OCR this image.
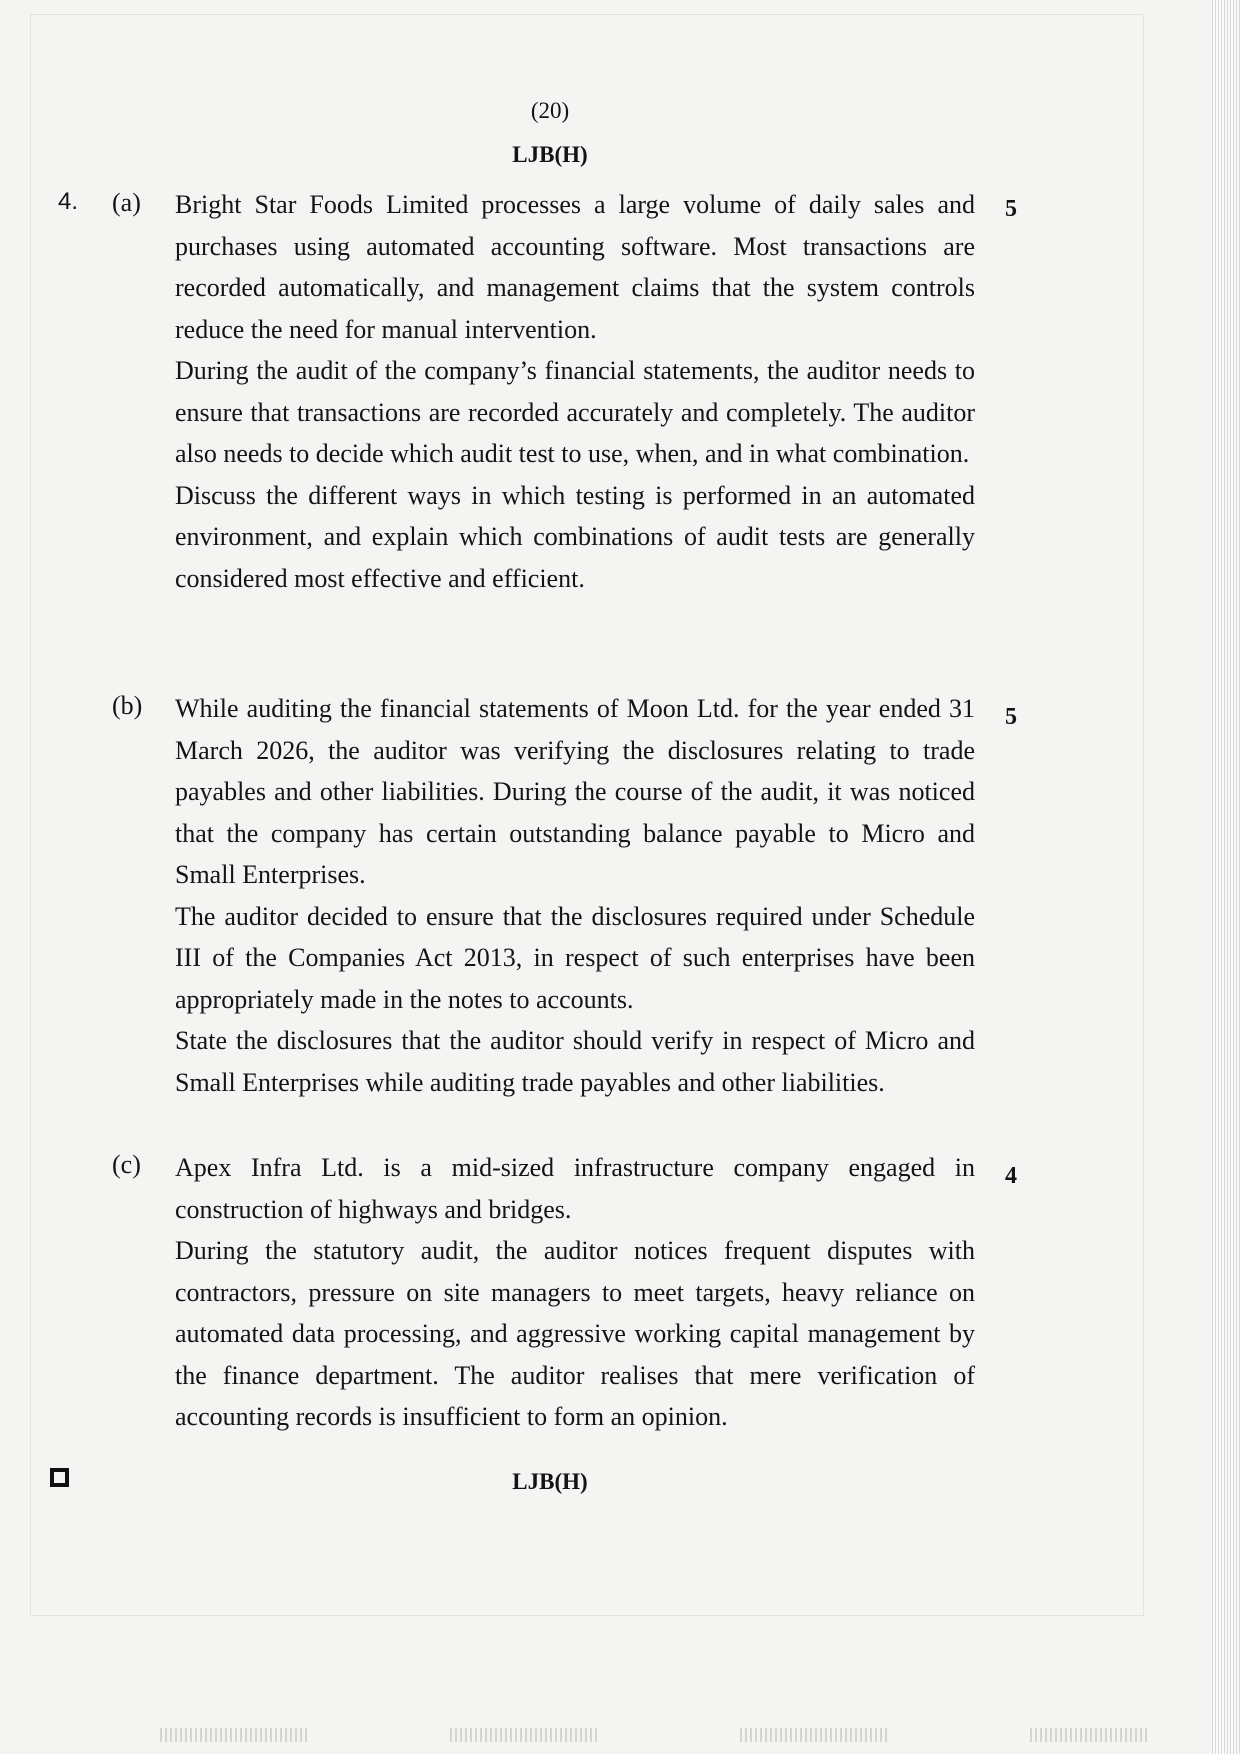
(20)
LJB(H)
4. (a) Bright Star Foods Limited processes a large volume of daily sales and purchases using automated accounting software. Most transactions are recorded automatically, and management claims that the system controls reduce the need for manual intervention.

During the audit of the company’s financial statements, the auditor needs to ensure that transactions are recorded accurately and completely. The auditor also needs to decide which audit test to use, when, and in what combination.

Discuss the different ways in which testing is performed in an automated environment, and explain which combinations of audit tests are generally considered most effective and efficient.

5
(b) While auditing the financial statements of Moon Ltd. for the year ended 31 March 2026, the auditor was verifying the disclosures relating to trade payables and other liabilities. During the course of the audit, it was noticed that the company has certain outstanding balance payable to Micro and Small Enterprises.

The auditor decided to ensure that the disclosures required under Schedule III of the Companies Act 2013, in respect of such enterprises have been appropriately made in the notes to accounts.

State the disclosures that the auditor should verify in respect of Micro and Small Enterprises while auditing trade payables and other liabilities.

5
(c) Apex Infra Ltd. is a mid-sized infrastructure company engaged in construction of highways and bridges.

During the statutory audit, the auditor notices frequent disputes with contractors, pressure on site managers to meet targets, heavy reliance on automated data processing, and aggressive working capital management by the finance department. The auditor realises that mere verification of accounting records is insufficient to form an opinion.

4
LJB(H)
